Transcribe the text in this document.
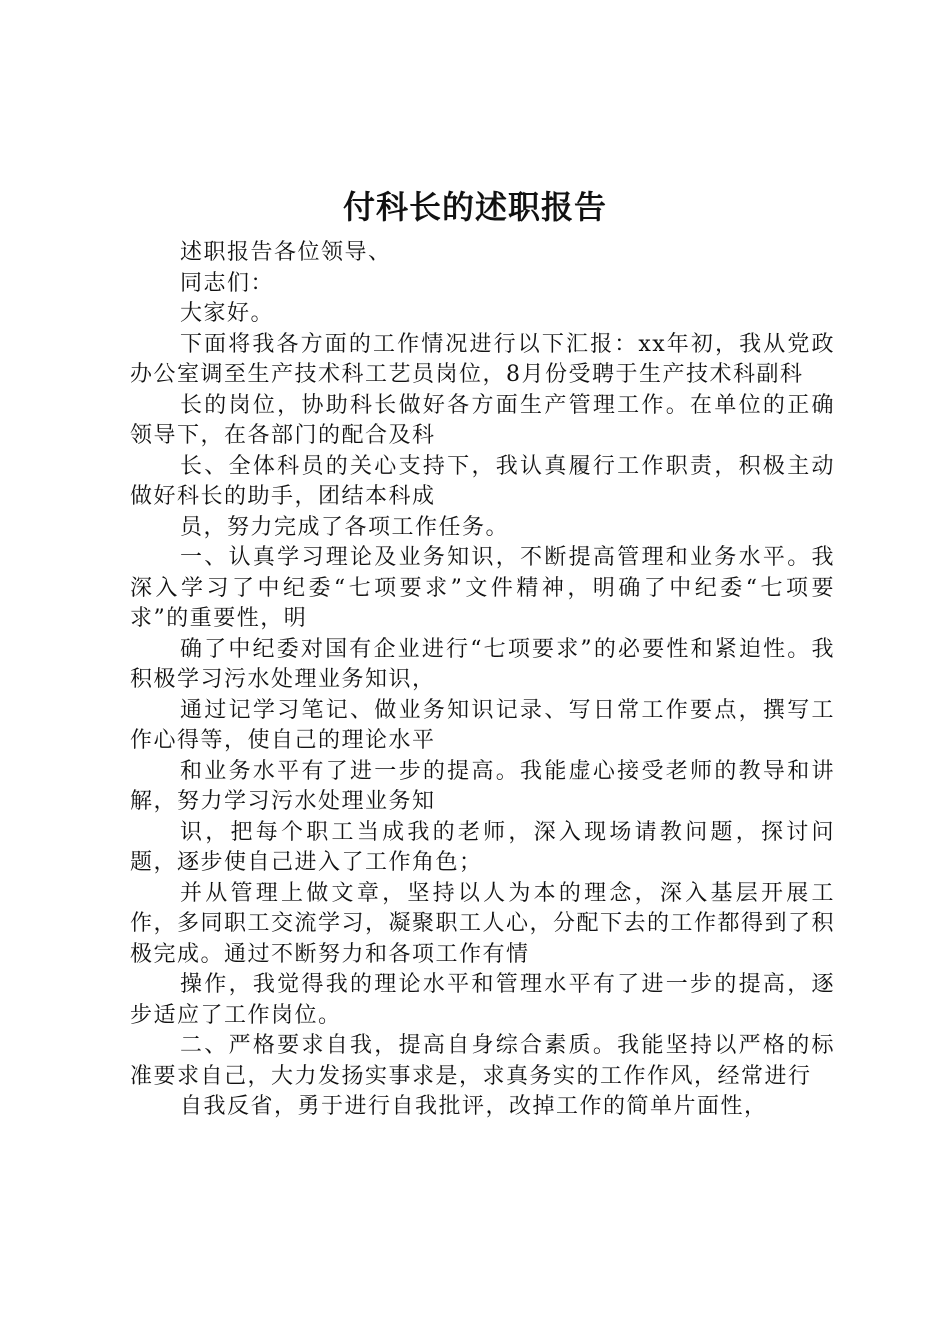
付科长的述职报告

述职报告各位领导、

同志们：

大家好。

下面将我各方面的工作情况进行以下汇报：xx年初，我从党政办公室调至生产技术科工艺员岗位，8月份受聘于生产技术科副科

长的岗位，协助科长做好各方面生产管理工作。在单位的正确领导下，在各部门的配合及科

长、全体科员的关心支持下，我认真履行工作职责，积极主动做好科长的助手，团结本科成

员，努力完成了各项工作任务。

一、认真学习理论及业务知识，不断提高管理和业务水平。我深入学习了中纪委“七项要求”文件精神，明确了中纪委“七项要求”的重要性，明

确了中纪委对国有企业进行“七项要求”的必要性和紧迫性。我积极学习污水处理业务知识，

通过记学习笔记、做业务知识记录、写日常工作要点，撰写工作心得等，使自己的理论水平

和业务水平有了进一步的提高。我能虚心接受老师的教导和讲解，努力学习污水处理业务知

识，把每个职工当成我的老师，深入现场请教问题，探讨问题，逐步使自己进入了工作角色；

并从管理上做文章，坚持以人为本的理念，深入基层开展工作，多同职工交流学习，凝聚职工人心，分配下去的工作都得到了积极完成。通过不断努力和各项工作有情

操作，我觉得我的理论水平和管理水平有了进一步的提高，逐步适应了工作岗位。

二、严格要求自我，提高自身综合素质。我能坚持以严格的标准要求自己，大力发扬实事求是，求真务实的工作作风，经常进行

自我反省，勇于进行自我批评，改掉工作的简单片面性，
